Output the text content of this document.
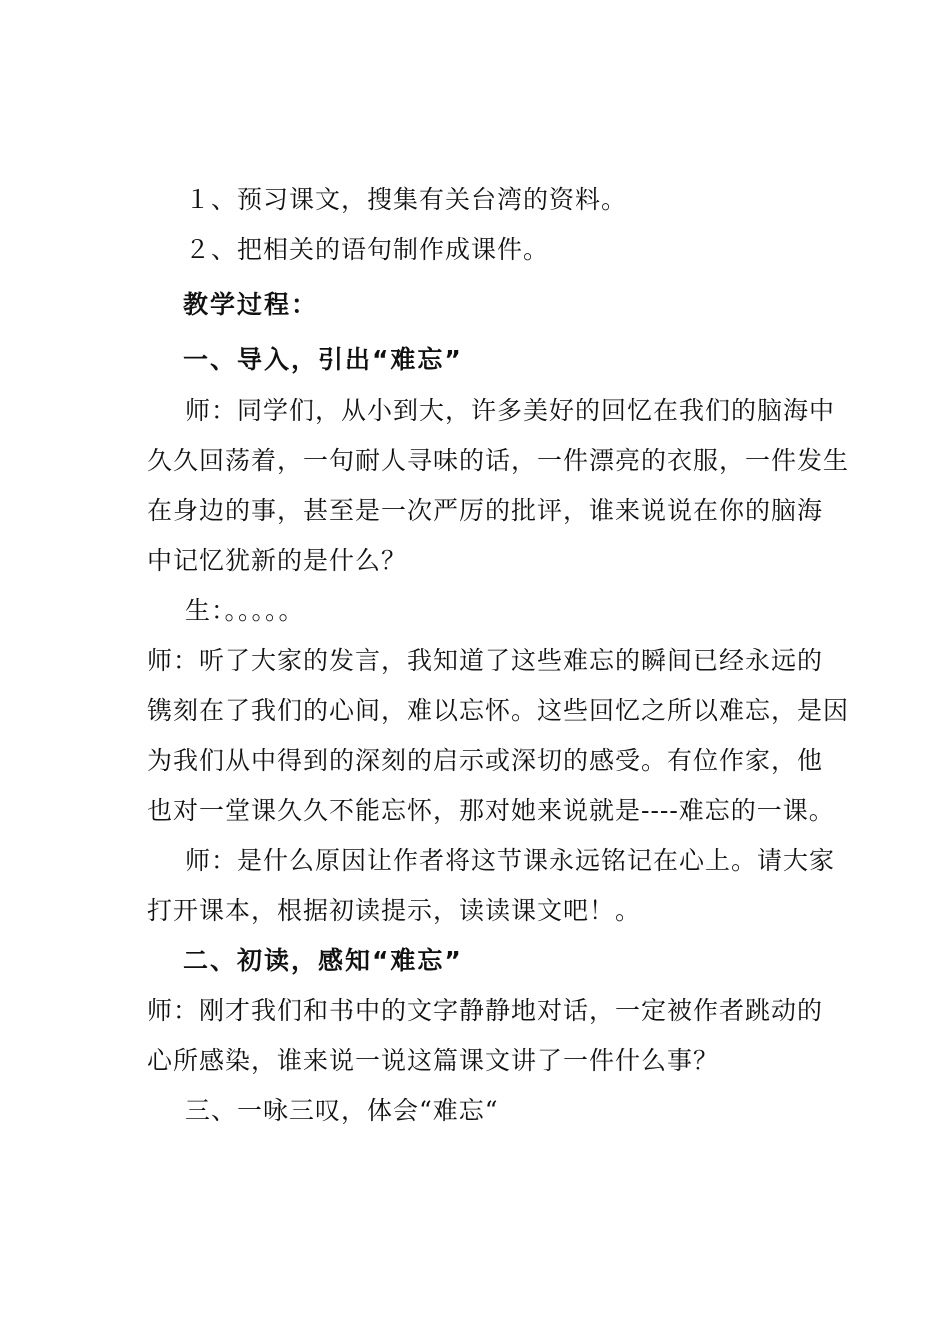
１、预习课文，搜集有关台湾的资料。
２、把相关的语句制作成课件。
教学过程：
一、导入，引出“难忘”
师：同学们，从小到大，许多美好的回忆在我们的脑海中
久久回荡着，一句耐人寻味的话，一件漂亮的衣服，一件发生
在身边的事，甚至是一次严厉的批评，谁来说说在你的脑海
中记忆犹新的是什么？
生：。。。。。
师：听了大家的发言，我知道了这些难忘的瞬间已经永远的
镌刻在了我们的心间，难以忘怀。这些回忆之所以难忘，是因
为我们从中得到的深刻的启示或深切的感受。有位作家，他
也对一堂课久久不能忘怀，那对她来说就是----难忘的一课。
师：是什么原因让作者将这节课永远铭记在心上。请大家
打开课本，根据初读提示，读读课文吧！。
二、初读，感知“难忘”
师：刚才我们和书中的文字静静地对话，一定被作者跳动的
心所感染，谁来说一说这篇课文讲了一件什么事？
三、一咏三叹，体会“难忘“
